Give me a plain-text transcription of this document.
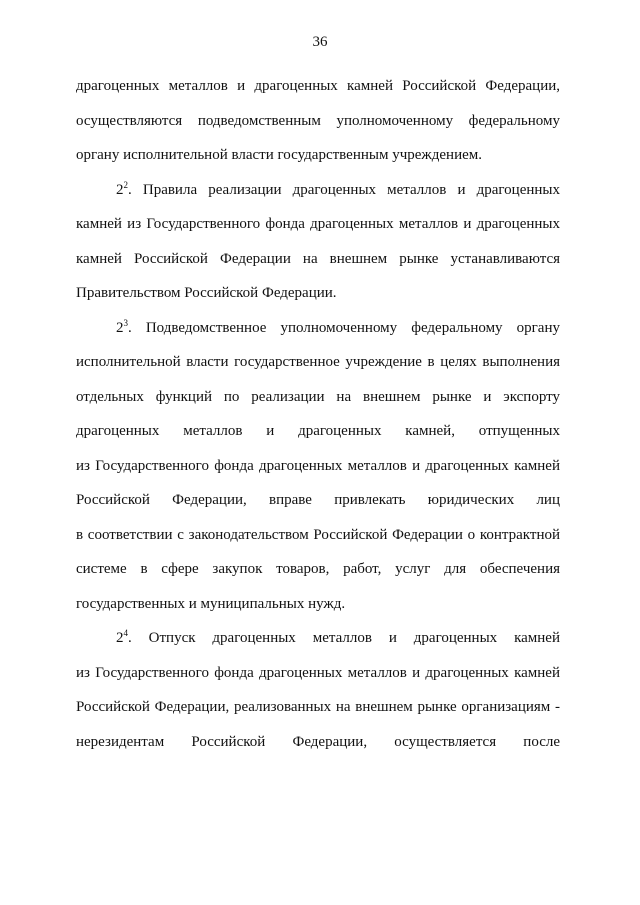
36
драгоценных металлов и драгоценных камней Российской Федерации,
осуществляются подведомственным уполномоченному федеральному
органу исполнительной власти государственным учреждением.
$2^2$. Правила реализации драгоценных металлов и драгоценных
камней из Государственного фонда драгоценных металлов и драгоценных
камней Российской Федерации на внешнем рынке устанавливаются
Правительством Российской Федерации.
$2^3$. Подведомственное уполномоченному федеральному органу
исполнительной власти государственное учреждение в целях выполнения
отдельных функций по реализации на внешнем рынке и экспорту
драгоценных металлов и драгоценных камней, отпущенных
из Государственного фонда драгоценных металлов и драгоценных камней
Российской Федерации, вправе привлекать юридических лиц
в соответствии с законодательством Российской Федерации о контрактной
системе в сфере закупок товаров, работ, услуг для обеспечения
государственных и муниципальных нужд.
$2^4$. Отпуск драгоценных металлов и драгоценных камней
из Государственного фонда драгоценных металлов и драгоценных камней
Российской Федерации, реализованных на внешнем рынке организациям -
нерезидентам Российской Федерации, осуществляется после
